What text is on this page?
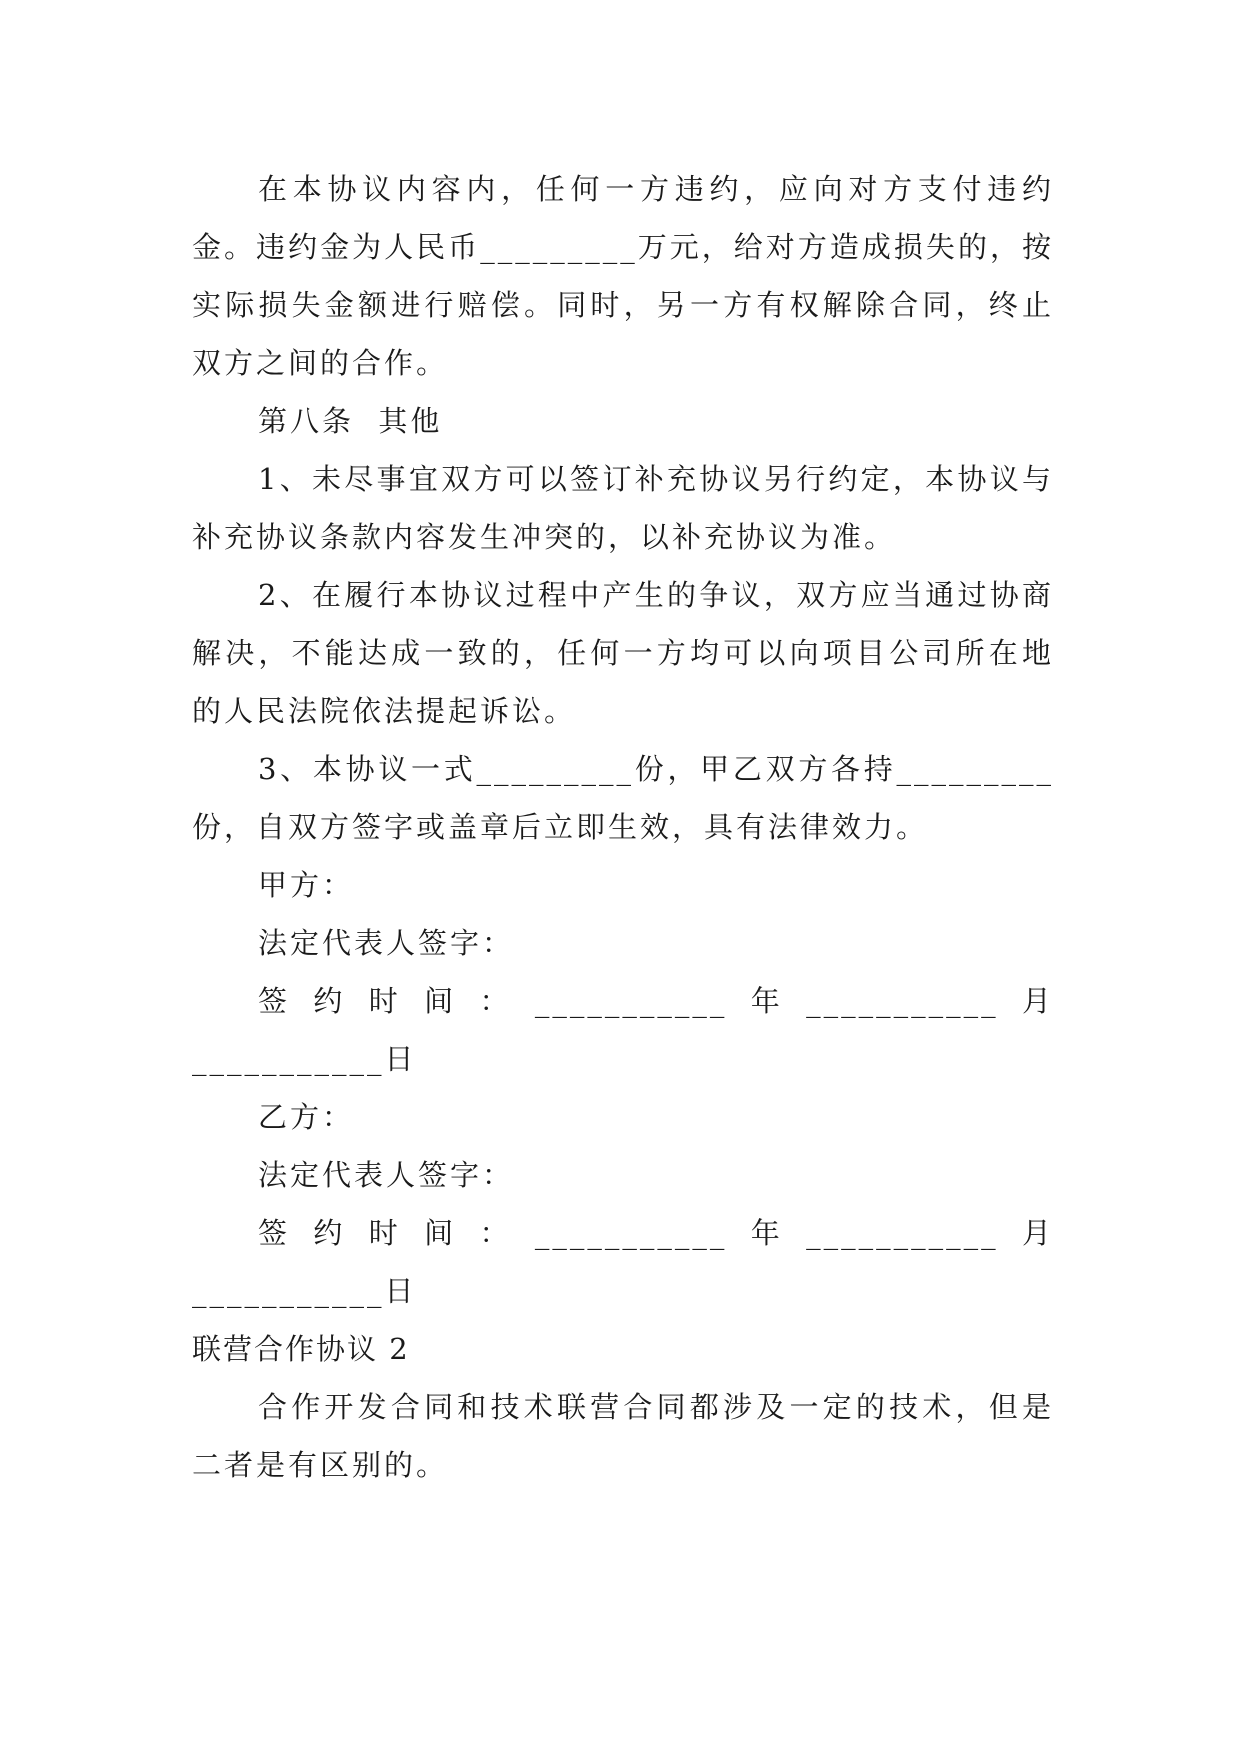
在本协议内容内，任何一方违约，应向对方支付违约金。违约金为人民币_________万元，给对方造成损失的，按实际损失金额进行赔偿。同时，另一方有权解除合同，终止双方之间的合作。

第八条  其他

1、未尽事宜双方可以签订补充协议另行约定，本协议与补充协议条款内容发生冲突的，以补充协议为准。

2、在履行本协议过程中产生的争议，双方应当通过协商解决，不能达成一致的，任何一方均可以向项目公司所在地的人民法院依法提起诉讼。

3、本协议一式_________份，甲乙双方各持_________份，自双方签字或盖章后立即生效，具有法律效力。

甲方：

法定代表人签字：

签约时间：___________年___________月___________日

乙方：

法定代表人签字：

签约时间：___________年___________月___________日

联营合作协议 2

合作开发合同和技术联营合同都涉及一定的技术，但是二者是有区别的。
